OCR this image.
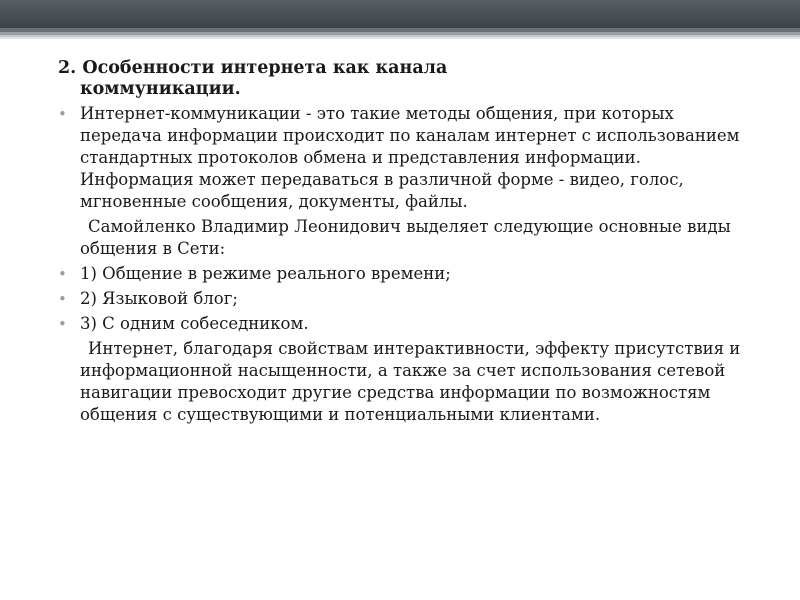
2. Особенности интернета как канала
коммуникации.
• Интернет-коммуникации - это такие методы общения, при которых передача информации происходит по каналам интернет с использованием стандартных протоколов обмена и представления информации. Информация может передаваться в различной форме - видео, голос, мгновенные сообщения, документы, файлы.
Самойленко Владимир Леонидович выделяет следующие основные виды общения в Сети:
• 1) Общение в режиме реального времени;
• 2) Языковой блог;
• 3) С одним собеседником.
Интернет, благодаря свойствам интерактивности, эффекту присутствия и информационной насыщенности, а также за счет использования сетевой навигации превосходит другие средства информации по возможностям общения с существующими и потенциальными клиентами.
